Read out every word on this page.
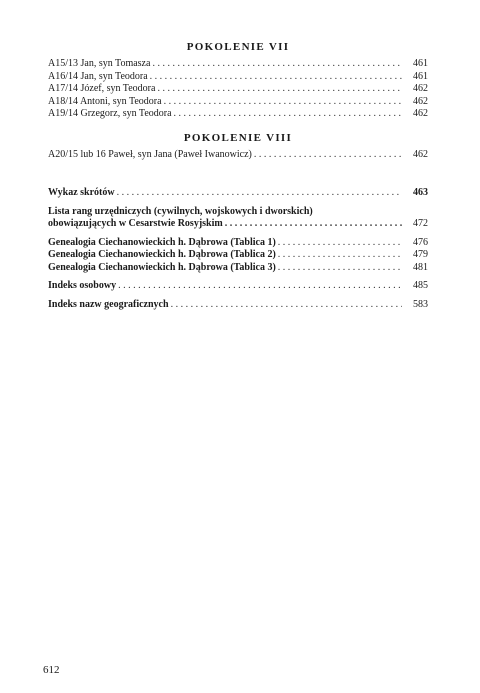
POKOLENIE VII
A15/13 Jan, syn Tomasza . . .	461
A16/14 Jan, syn Teodora . . .	461
A17/14 Józef, syn Teodora . . .	462
A18/14 Antoni, syn Teodora . . .	462
A19/14 Grzegorz, syn Teodora . . .	462
POKOLENIE VIII
A20/15 lub 16 Paweł, syn Jana (Paweł Iwanowicz) . . .	462
Wykaz skrótów . . .	463
Lista rang urzędniczych (cywilnych, wojskowych i dworskich)
obowiązujących w Cesarstwie Rosyjskim . . .	472
Genealogia Ciechanowieckich h. Dąbrowa (Tablica 1) . . .	476
Genealogia Ciechanowieckich h. Dąbrowa (Tablica 2) . . .	479
Genealogia Ciechanowieckich h. Dąbrowa (Tablica 3) . . .	481
Indeks osobowy . . .	485
Indeks nazw geograficznych . . .	583
612
